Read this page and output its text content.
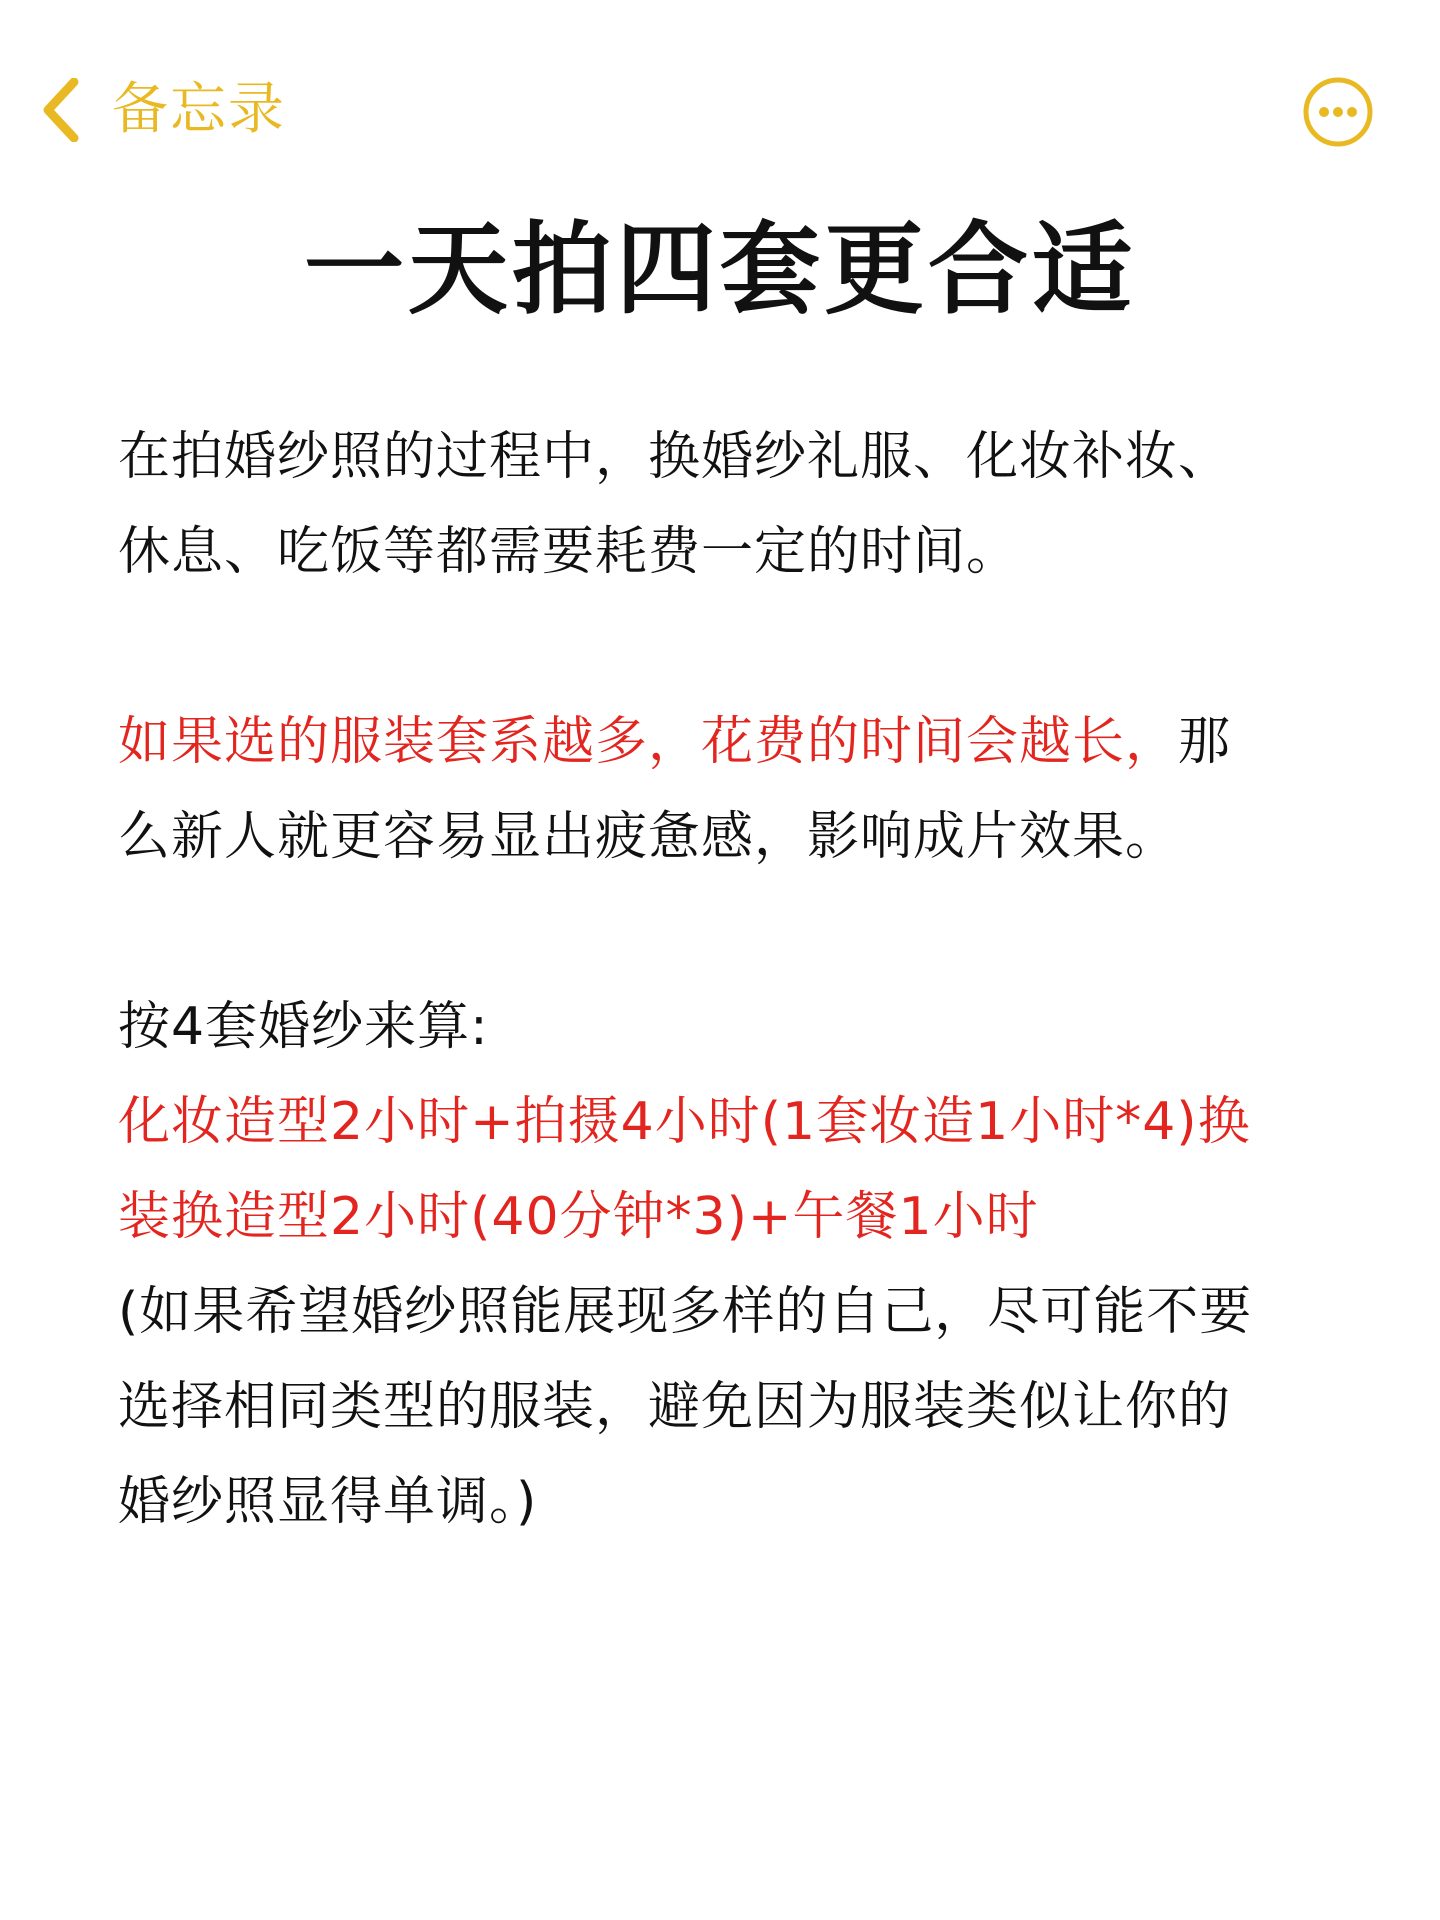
备忘录
一天拍四套更合适

在拍婚纱照的过程中，换婚纱礼服、化妆补妆、
休息、吃饭等都需要耗费一定的时间。

如果选的服装套系越多，花费的时间会越长，那
么新人就更容易显出疲惫感，影响成片效果。

按4套婚纱来算:
化妆造型2小时+拍摄4小时(1套妆造1小时*4)换
装换造型2小时(40分钟*3)+午餐1小时
(如果希望婚纱照能展现多样的自己，尽可能不要
选择相同类型的服装，避免因为服装类似让你的
婚纱照显得单调。)
